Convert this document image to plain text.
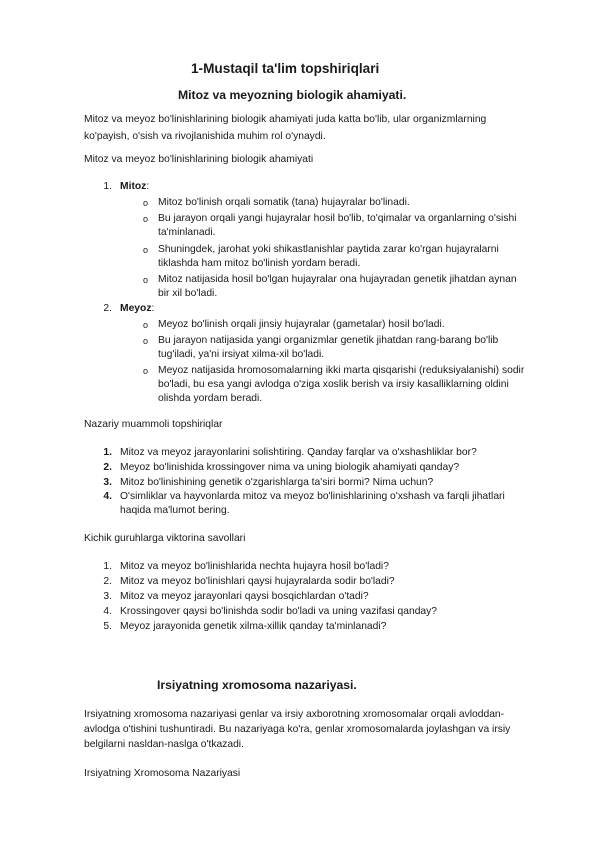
1-Mustaqil ta'lim topshiriqlari
Mitoz va meyozning biologik ahamiyati.
Mitoz va meyoz bo'linishlarining biologik ahamiyati juda katta bo'lib, ular organizmlarning
ko'payish, o'sish va rivojlanishida muhim rol o'ynaydi.
Mitoz va meyoz bo'linishlarining biologik ahamiyati
1. Mitoz:
o Mitoz bo'linish orqali somatik (tana) hujayralar bo'linadi.
o Bu jarayon orqali yangi hujayralar hosil bo'lib, to'qimalar va organlarning o'sishi
ta'minlanadi.
o Shuningdek, jarohat yoki shikastlanishlar paytida zarar ko'rgan hujayralarni
tiklashda ham mitoz bo'linish yordam beradi.
o Mitoz natijasida hosil bo'lgan hujayralar ona hujayradan genetik jihatdan aynan
bir xil bo'ladi.
2. Meyoz:
o Meyoz bo'linish orqali jinsiy hujayralar (gametalar) hosil bo'ladi.
o Bu jarayon natijasida yangi organizmlar genetik jihatdan rang-barang bo'lib
tug'iladi, ya'ni irsiyat xilma-xil bo'ladi.
o Meyoz natijasida hromosomalarning ikki marta qisqarishi (reduksiyalanishi) sodir
bo'ladi, bu esa yangi avlodga o'ziga xoslik berish va irsiy kasalliklarning oldini
olishda yordam beradi.
Nazariy muammoli topshiriqlar
1. Mitoz va meyoz jarayonlarini solishtiring. Qanday farqlar va o'xshashliklar bor?
2. Meyoz bo'linishida krossingover nima va uning biologik ahamiyati qanday?
3. Mitoz bo'linishining genetik o'zgarishlarga ta'siri bormi? Nima uchun?
4. O'simliklar va hayvonlarda mitoz va meyoz bo'linishlarining o'xshash va farqli jihatlari
haqida ma'lumot bering.
Kichik guruhlarga viktorina savollari
1. Mitoz va meyoz bo'linishlarida nechta hujayra hosil bo'ladi?
2. Mitoz va meyoz bo'linishlari qaysi hujayralarda sodir bo'ladi?
3. Mitoz va meyoz jarayonlari qaysi bosqichlardan o'tadi?
4. Krossingover qaysi bo'linishda sodir bo'ladi va uning vazifasi qanday?
5. Meyoz jarayonida genetik xilma-xillik qanday ta'minlanadi?
Irsiyatning xromosoma nazariyasi.
Irsiyatning xromosoma nazariyasi genlar va irsiy axborotning xromosomalar orqali avloddan-
avlodga o'tishini tushuntiradi. Bu nazariyaga ko'ra, genlar xromosomalarda joylashgan va irsiy
belgilarni nasldan-naslga o'tkazadi.
Irsiyatning Xromosoma Nazariyasi
